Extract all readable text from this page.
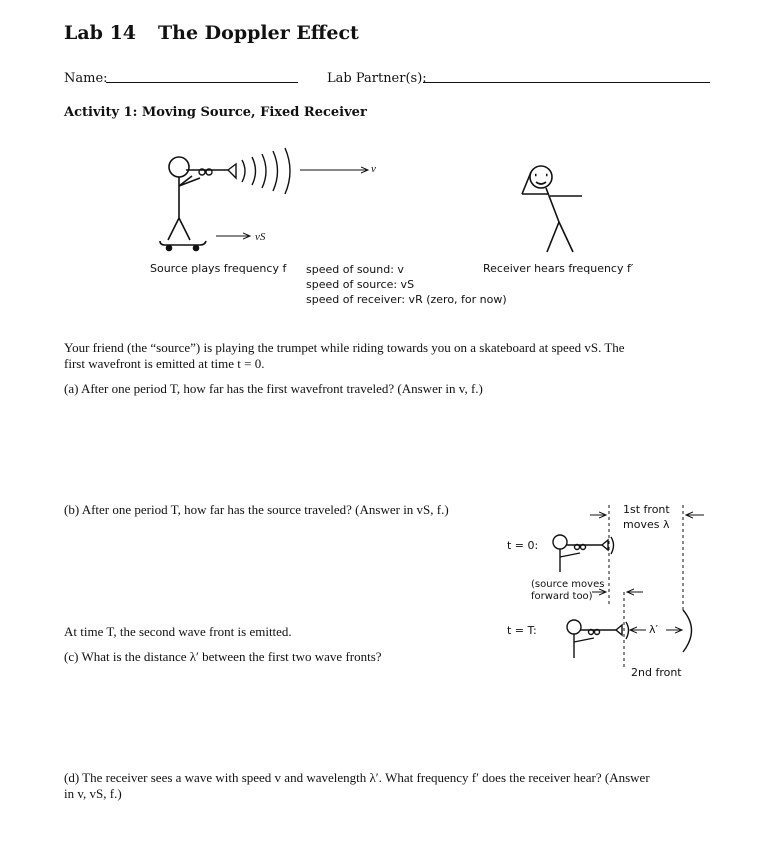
Lab 14 The Doppler Effect
Name:	Lab Partner(s):
Activity 1: Moving Source, Fixed Receiver
v
vS
Source plays frequency f speed of sound: v
speed of source: vS
speed of receiver: vR (zero, for now)
Receiver hears frequency f′
Your friend (the “source”) is playing the trumpet while riding towards you on a skateboard at speed vS. The
first wavefront is emitted at time t = 0.
(a) After one period T, how far has the first wavefront traveled? (Answer in v, f.)
(b) After one period T, how far has the source traveled? (Answer in vS, f.)
At time T, the second wave front is emitted.
(c) What is the distance λ′ between the first two wave fronts?
1st front
moves λ
t = 0:
(source moves
forward too)
t = T:	λ′
2nd front
(d) The receiver sees a wave with speed v and wavelength λ′. What frequency f′ does the receiver hear? (Answer
in v, vS, f.)
